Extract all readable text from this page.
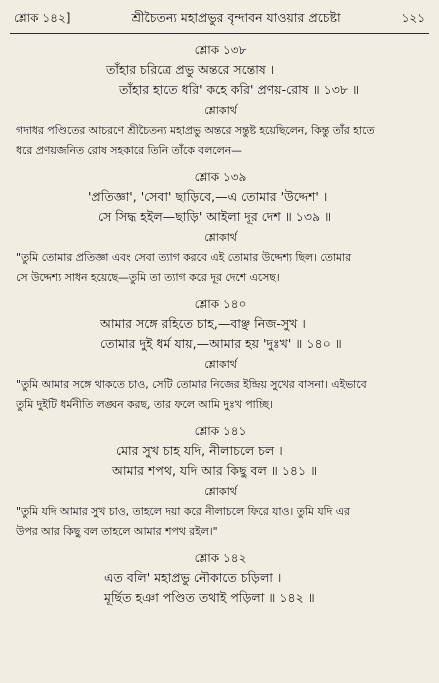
শ্লোক ১৪২]	শ্রীচৈতন্য মহাপ্রভুর বৃন্দাবন যাওয়ার প্রচেষ্টা	১২১
শ্লোক ১৩৮
তাঁহার চরিত্রে প্রভু অন্তরে সন্তোষ ।
তাঁহার হাতে ধরি' কহে করি' প্রণয়-রোষ ॥ ১৩৮ ॥
শ্লোকার্থ
গদাধর পণ্ডিতের আচরণে শ্রীচৈতন্য মহাপ্রভু অন্তরে সন্তুষ্ট হয়েছিলেন, কিন্তু তাঁর হাতে
ধরে প্রণয়জনিত রোষ সহকারে তিনি তাঁকে বললেন—
শ্লোক ১৩৯
'প্রতিজ্ঞা', 'সেবা' ছাড়িবে,—এ তোমার 'উদ্দেশ' ।
সে সিদ্ধ হইল—ছাড়ি' আইলা দূর দেশ ॥ ১৩৯ ॥
শ্লোকার্থ
"তুমি তোমার প্রতিজ্ঞা এবং সেবা ত্যাগ করবে এই তোমার উদ্দেশ্য ছিল। তোমার
সে উদ্দেশ্য সাধন হয়েছে—তুমি তা ত্যাগ করে দূর দেশে এসেছ।
শ্লোক ১৪০
আমার সঙ্গে রহিতে চাহ,—বাঞ্ছ নিজ-সুখ ।
তোমার দুই ধর্ম যায়,—আমার হয় 'দুঃখ' ॥ ১৪০ ॥
শ্লোকার্থ
"তুমি আমার সঙ্গে থাকতে চাও, সেটি তোমার নিজের ইন্দ্রিয় সুখের বাসনা। এইভাবে
তুমি দুইটি ধর্মনীতি লঙ্ঘন করছ, তার ফলে আমি দুঃখ পাচ্ছি।
শ্লোক ১৪১
মোর সুখ চাহ যদি, নীলাচলে চল ।
আমার শপথ, যদি আর কিছু বল ॥ ১৪১ ॥
শ্লোকার্থ
"তুমি যদি আমার সুখ চাও, তাহলে দয়া করে নীলাচলে ফিরে যাও। তুমি যদি এর
উপর আর কিছু বল তাহলে আমার শপথ রইল।"
শ্লোক ১৪২
এত বলি' মহাপ্রভু নৌকাতে চড়িলা ।
মূর্ছিত হঞা পণ্ডিত তথাই পড়িলা ॥ ১৪২ ॥
